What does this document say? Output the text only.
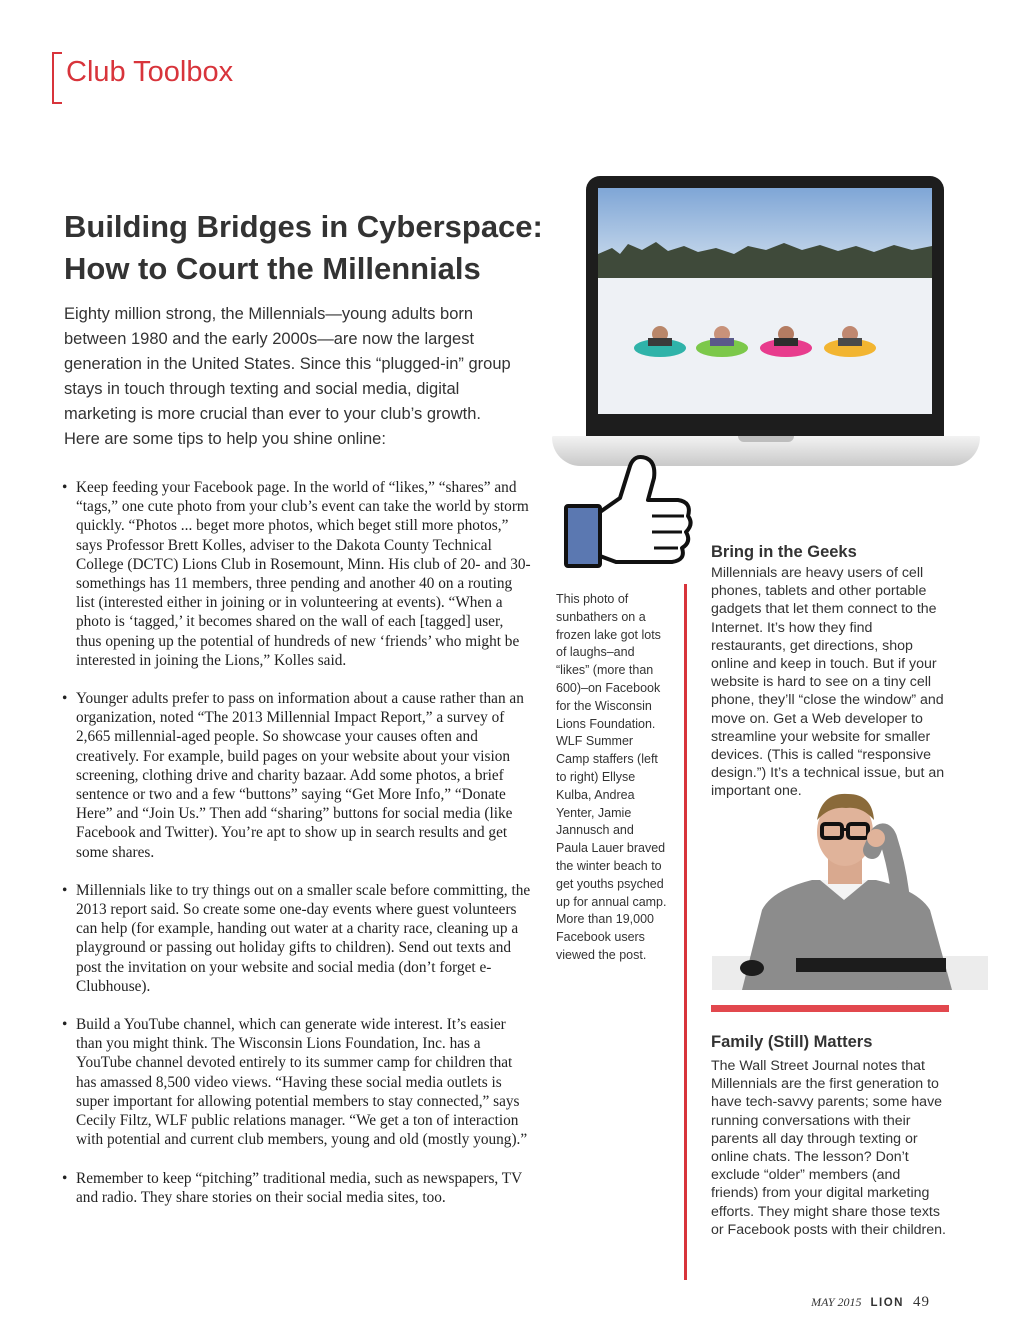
Club Toolbox
Building Bridges in Cyberspace:
How to Court the Millennials

Eighty million strong, the Millennials—young adults born between 1980 and the early 2000s—are now the largest generation in the United States. Since this “plugged-in” group stays in touch through texting and social media, digital marketing is more crucial than ever to your club’s growth. Here are some tips to help you shine online:

• Keep feeding your Facebook page. In the world of “likes,” “shares” and “tags,” one cute photo from your club’s event can take the world by storm quickly. “Photos ... beget more photos, which beget still more photos,” says Professor Brett Kolles, adviser to the Dakota County Technical College (DCTC) Lions Club in Rosemount, Minn. His club of 20- and 30-somethings has 11 members, three pending and another 40 on a routing list (interested either in joining or in volunteering at events). “When a photo is ‘tagged,’ it becomes shared on the wall of each [tagged] user, thus opening up the potential of hundreds of new ‘friends’ who might be interested in joining the Lions,” Kolles said.
• Younger adults prefer to pass on information about a cause rather than an organization, noted “The 2013 Millennial Impact Report,” a survey of 2,665 millennial-aged people. So showcase your causes often and creatively. For example, build pages on your website about your vision screening, clothing drive and charity bazaar. Add some photos, a brief sentence or two and a few “buttons” saying “Get More Info,” “Donate Here” and “Join Us.” Then add “sharing” buttons for social media (like Facebook and Twitter). You’re apt to show up in search results and get some shares.
• Millennials like to try things out on a smaller scale before committing, the 2013 report said. So create some one-day events where guest volunteers can help (for example, handing out water at a charity race, cleaning up a playground or passing out holiday gifts to children). Send out texts and post the invitation on your website and social media (don’t forget e-Clubhouse).
• Build a YouTube channel, which can generate wide interest. It’s easier than you might think. The Wisconsin Lions Foundation, Inc. has a YouTube channel devoted entirely to its summer camp for children that has amassed 8,500 video views. “Having these social media outlets is super important for allowing potential members to stay connected,” says Cecily Filtz, WLF public relations manager. “We get a ton of interaction with potential and current club members, young and old (mostly young).”
• Remember to keep “pitching” traditional media, such as newspapers, TV and radio. They share stories on their social media sites, too.
This photo of sunbathers on a frozen lake got lots of laughs–and “likes” (more than 600)–on Facebook for the Wisconsin Lions Foundation. WLF Summer Camp staffers (left to right) Ellyse Kulba, Andrea Yenter, Jamie Jannusch and Paula Lauer braved the winter beach to get youths psyched up for annual camp. More than 19,000 Facebook users viewed the post.
Bring in the Geeks
Millennials are heavy users of cell phones, tablets and other portable gadgets that let them connect to the Internet. It’s how they find restaurants, get directions, shop online and keep in touch. But if your website is hard to see on a tiny cell phone, they’ll “close the window” and move on. Get a Web developer to streamline your website for smaller devices. (This is called “responsive design.”) It’s a technical issue, but an important one.
Family (Still) Matters
The Wall Street Journal notes that Millennials are the first generation to have tech-savvy parents; some have running conversations with their parents all day through texting or online chats. The lesson? Don’t exclude “older” members (and friends) from your digital marketing efforts. They might share those texts or Facebook posts with their children.
MAY 2015 LION 49
